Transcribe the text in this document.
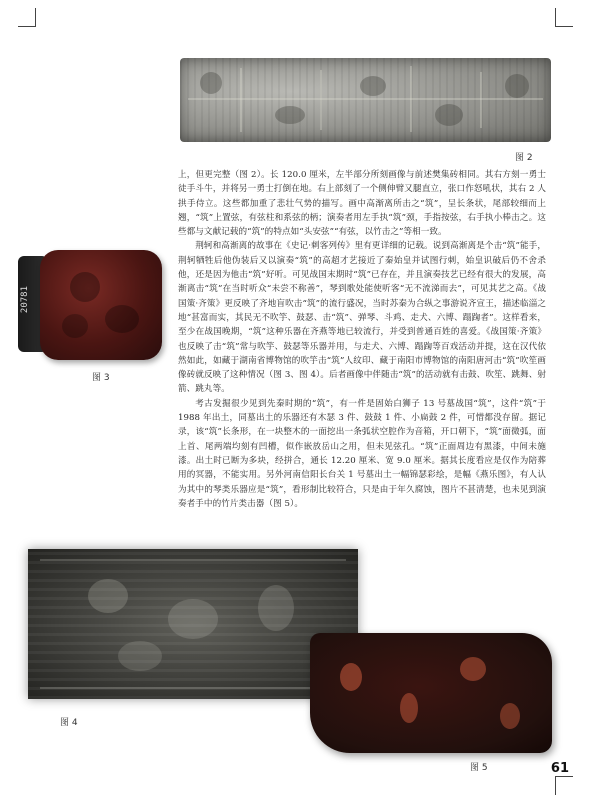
图 2
20781
图 3

上，但更完整（图 2）。长 120.0 厘米，左半部分所刻画像与前述樊集砖相同。其右方刻一勇士徒手斗牛，并将另一勇士打倒在地。右上部刻了一个侧伸臂又腿直立，张口作怒吼状，其右 2 人拱手侍立。这些都加重了悲壮气势的描写。画中高渐离所击之“筑”，呈长条状，尾部较细而上翘，“筑”上置弦，有弦柱和系弦的柄；演奏者用左手执“筑”颈，手指按弦，右手执小棒击之。这些都与文献记载的“筑”的特点如“头安弦”“有弦，以竹击之”等相一致。

荆轲和高渐离的故事在《史记·刺客列传》里有更详细的记载。说到高渐离是个击“筑”能手，荆轲牺牲后他伪装后又以演奏“筑”的高超才艺接近了秦始皇并试图行刺，始皇识破后仍不舍杀他，还是因为他击“筑”好听。可见战国末期时“筑”已存在，并且演奏技艺已经有很大的发展，高渐离击“筑”在当时听众“未尝不称善”，琴到歌处能使听客“无不流涕而去”，可见其艺之高。《战国策·齐策》更反映了齐地盲吹击“筑”的流行盛况，当时苏秦为合纵之事游说齐宣王，描述临淄之地“甚富而实，其民无不吹竽、鼓瑟、击“筑”、弹琴、斗鸡、走犬、六博、蹋踘者”。这样看来，至少在战国晚期，“筑”这种乐器在齐燕等地已较流行，并受到普通百姓的喜爱。《战国策·齐策》也反映了击“筑”常与吹竽、鼓瑟等乐器并用，与走犬、六博、蹋踘等百戏活动并提，这在汉代依然如此，如藏于湖南省博物馆的吹竽击“筑”人纹印、藏于南阳市博物馆的南阳唐河击“筑”吹笙画像砖就反映了这种情况（图 3、图 4）。后者画像中伴随击“筑”的活动就有击鼓、吹笙、跳舞、射箭、跳丸等。

考古发掘很少见到先秦时期的“筑”，有一件是固始白狮子 13 号墓战国“筑”，这件“筑”于 1988 年出土，同墓出土的乐器还有木瑟 3 件、鼓鼓 1 件、小扁鼓 2 件，可惜都没存留。据记录，该“筑”长条形，在一块整木的一面挖出一条弧状空腔作为音箱，开口朝下，“筑”面微弧，面上首、尾两端均刻有凹槽，似作嵌放岳山之用，但未见弦孔。“筑”正面周边有黑漆，中间未施漆。出土时已断为多块，经拼合，通长 12.20 厘米、宽 9.0 厘米。据其长度看应是仅作为陪葬用的冥器，不能实用。另外河南信阳长台关 1 号墓出土一幅锦瑟彩绘，是幅《燕乐图》，有人认为其中的琴类乐器应是“筑”，看形制比较符合，只是由于年久腐蚀，图片不甚清楚，也未见到演奏者手中的竹片类击器（图 5）。

图 4
图 5	61
